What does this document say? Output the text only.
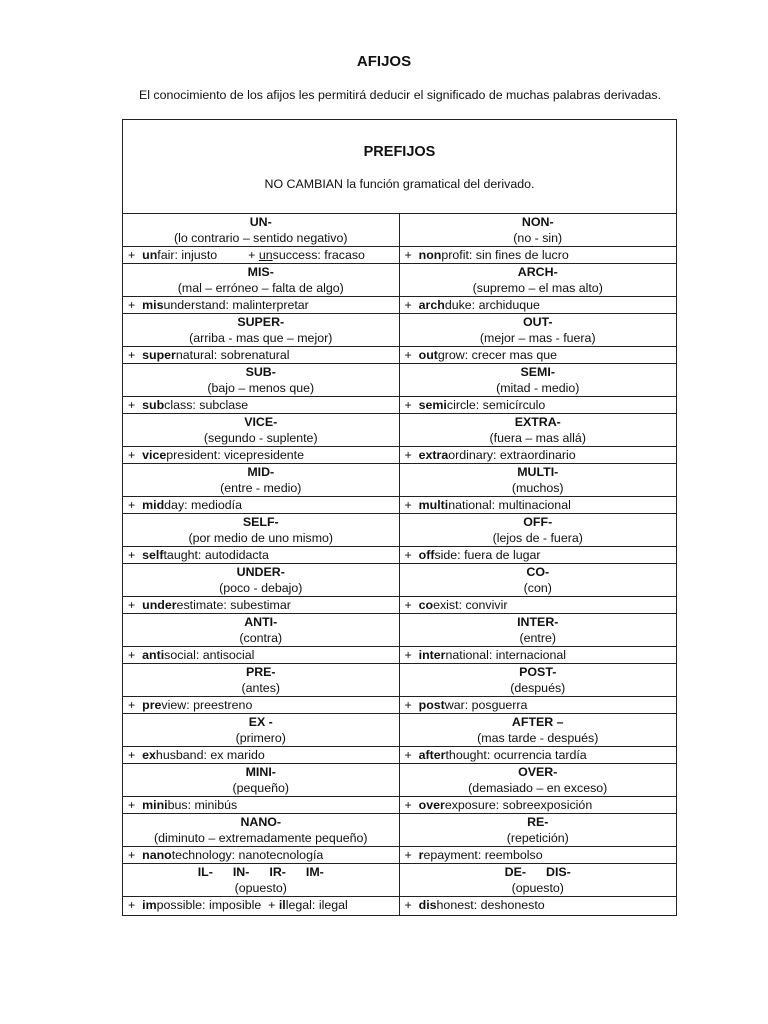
AFIJOS
El conocimiento de los afijos les permitirá deducir el significado de muchas palabras derivadas.
PREFIJOS
NO CAMBIAN la función gramatical del derivado.
UN-
(lo contrario – sentido negativo)
+  unfair: injusto         + unsuccess: fracaso
MIS-
(mal – erróneo – falta de algo)
+  misunderstand: malinterpretar
SUPER-
(arriba - mas que – mejor)
+  supernatural: sobrenatural
SUB-
(bajo – menos que)
+  subclass: subclase
VICE-
(segundo - suplente)
+  vicepresident: vicepresidente
MID-
(entre - medio)
+  midday: mediodía
SELF-
(por medio de uno mismo)
+  selftaught: autodidacta
UNDER-
(poco - debajo)
+  underestimate: subestimar
ANTI-
(contra)
+  antisocial: antisocial
PRE-
(antes)
+  preview: preestreno
EX -
(primero)
+  exhusband: ex marido
MINI-
(pequeño)
+  minibus: minibús
NANO-
(diminuto – extremadamente pequeño)
+  nanotechnology: nanotecnología
IL- IN- IR- IM-
(opuesto)
+  impossible: imposible  + illegal: ilegal
NON-
(no - sin)
+  nonprofit: sin fines de lucro
ARCH-
(supremo – el mas alto)
+  archduke: archiduque
OUT-
(mejor – mas - fuera)
+  outgrow: crecer mas que
SEMI-
(mitad - medio)
+  semicircle: semicírculo
EXTRA-
(fuera – mas allá)
+  extraordinary: extraordinario
MULTI-
(muchos)
+  multinational: multinacional
OFF-
(lejos de - fuera)
+  offside: fuera de lugar
CO-
(con)
+  coexist: convivir
INTER-
(entre)
+  international: internacional
POST-
(después)
+  postwar: posguerra
AFTER –
(mas tarde - después)
+  afterthought: ocurrencia tardía
OVER-
(demasiado – en exceso)
+  overexposure: sobreexposición
RE-
(repetición)
+  repayment: reembolso
DE- DIS-
(opuesto)
+  dishonest: deshonesto
